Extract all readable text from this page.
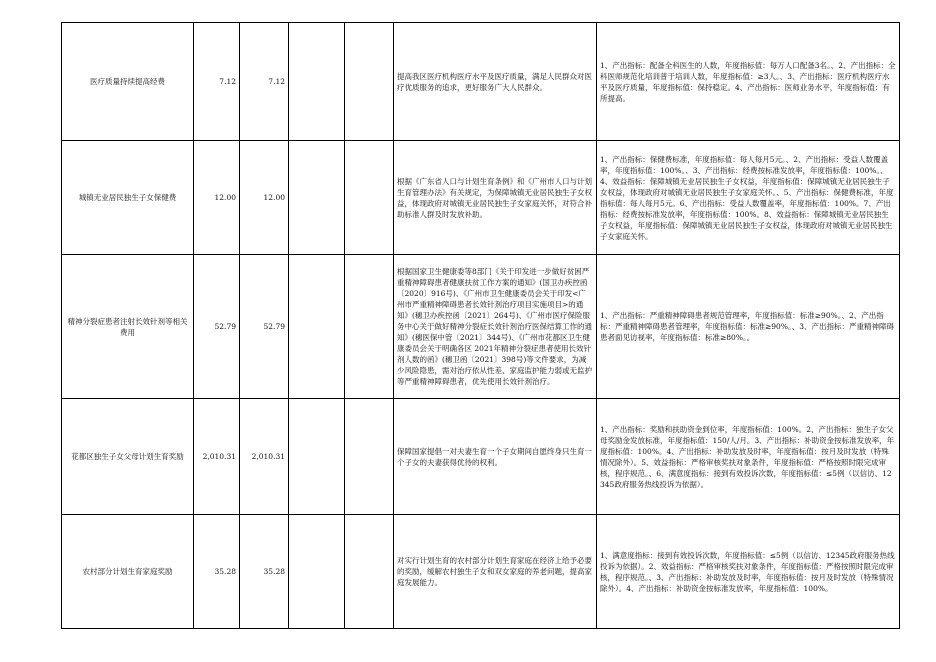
医疗质量持续提高经费	7.12	7.12			提高我区医疗机构医疗水平及医疗质量，满足人民群众对医疗优质服务的追求，更好服务广大人民群众。	1、产出指标：配备全科医生的人数，年度指标值：每万人口配备3名。、2、产出指标：全科医师规范化培训普于培训人数，年度指标值：≥3人。、3、产出指标：医疗机构医疗水平及医疗质量，年度指标值：保持稳定。4、产出指标：医师业务水平，年度指标值：有所提高。
城镇无业居民独生子女保健费	12.00	12.00			根据《广东省人口与计划生育条例》和《广州市人口与计划生育管理办法》有关规定，为保障城镇无业居民独生子女权益，体现政府对城镇无业居民独生子女家庭关怀，对符合补助标准人群及时发放补助。	1、产出指标：保健费标准，年度指标值：每人每月5元。、2、产出指标：受益人数覆盖率，年度指标值：100%。、3、产出指标：经费按标准发放率，年度指标值：100%。、4、效益指标：保障城镇无业居民独生子女权益，年度指标值：保障城镇无业居民独生子女权益，体现政府对城镇无业居民独生子女家庭关怀。、5、产出指标：保健费标准，年度指标值：每人每月5元。6、产出指标：受益人数覆盖率，年度指标值：100%。7、产出指标：经费按标准发放率，年度指标值：100%。8、效益指标：保障城镇无业居民独生子女权益，年度指标值：保障城镇无业居民独生子女权益，体现政府对城镇无业居民独生子女家庭关怀。
精神分裂症患者注射长效针剂等相关费用	52.79	52.79			根据国家卫生健康委等8部门《关于印发进一步做好贫困严重精神障碍患者健康扶贫工作方案的通知》(国卫办疾控函〔2020〕916号)、《广州市卫生健康委员会关于印发<广州市严重精神障碍患者长效针剂治疗项目实施项目>的通知》(穗卫办疾控函〔2021〕264号)、《广州市医疗保险服务中心关于做好精神分裂症长效针剂治疗医保结算工作的通知》(穗医保中管〔2021〕344号)、《广州市花都区卫生健康委员会关于明确各区 2021年精神分裂症患者使用长效针剂人数的函》(穗卫函〔2021〕398号)等文件要求，为减少风险隐患，需对治疗依从性差、家庭监护能力弱或无监护等严重精神障碍患者，优先使用长效针剂治疗。	1、产出指标：严重精神障碍患者规范管理率，年度指标值：标准≥90%。、2、产出指标：严重精神障碍患者管理率，年度指标值：标准≥90%。、3、产出指标：严重精神障碍患者面见访视率，年度指标值：标准≥80%。。
花都区独生子女父母计划生育奖励	2,010.31	2,010.31			保障国家提倡一对夫妻生育一个子女期间自愿终身只生育一个子女的夫妻获得优待的权利。	1、产出指标：奖励和扶助资金到位率，年度指标值：100%。2、产出指标：独生子女父母奖励金发放标准，年度指标值：150/人/月。3、产出指标：补助资金按标准发放率，年度指标值：100%。4、产出指标：补助发放及时率，年度指标值：按月及时发放（特殊情况除外）。5、效益指标：严格审核奖扶对象条件，年度指标值：严格按照时限完成审核，程序规范。、6、满意度指标：接到有效投诉次数，年度指标值：≤5例（以信访、12345政府服务热线投诉为依据）。
农村部分计划生育家庭奖励	35.28	35.28			对实行计划生育的农村部分计划生育家庭在经济上给予必要的奖励，缓解农村独生子女和双女家庭的养老问题，提高家庭发展能力。	1、满意度指标：接到有效投诉次数，年度指标值：≤5例（以信访、12345政府服务热线投诉为依据）。2、效益指标：严格审核奖扶对象条件，年度指标值：严格按照时限完成审核，程序规范。、3、产出指标：补助发放及时率，年度指标值：按月及时发放（特殊情况除外）。4、产出指标：补助资金按标准发放率，年度指标值：100%。
